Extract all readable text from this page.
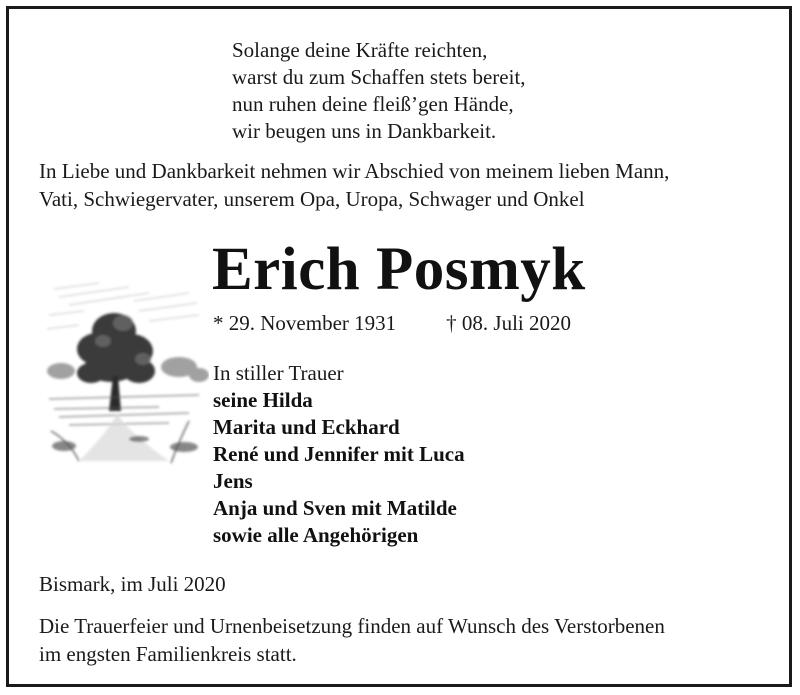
Solange deine Kräfte reichten,
warst du zum Schaffen stets bereit,
nun ruhen deine fleiß’gen Hände,
wir beugen uns in Dankbarkeit.
In Liebe und Dankbarkeit nehmen wir Abschied von meinem lieben Mann,
Vati, Schwiegervater, unserem Opa, Uropa, Schwager und Onkel
Erich Posmyk
* 29. November 1931 † 08. Juli 2020
In stiller Trauer
seine Hilda
Marita und Eckhard
René und Jennifer mit Luca
Jens
Anja und Sven mit Matilde
sowie alle Angehörigen
Bismark, im Juli 2020
Die Trauerfeier und Urnenbeisetzung finden auf Wunsch des Verstorbenen
im engsten Familienkreis statt.
